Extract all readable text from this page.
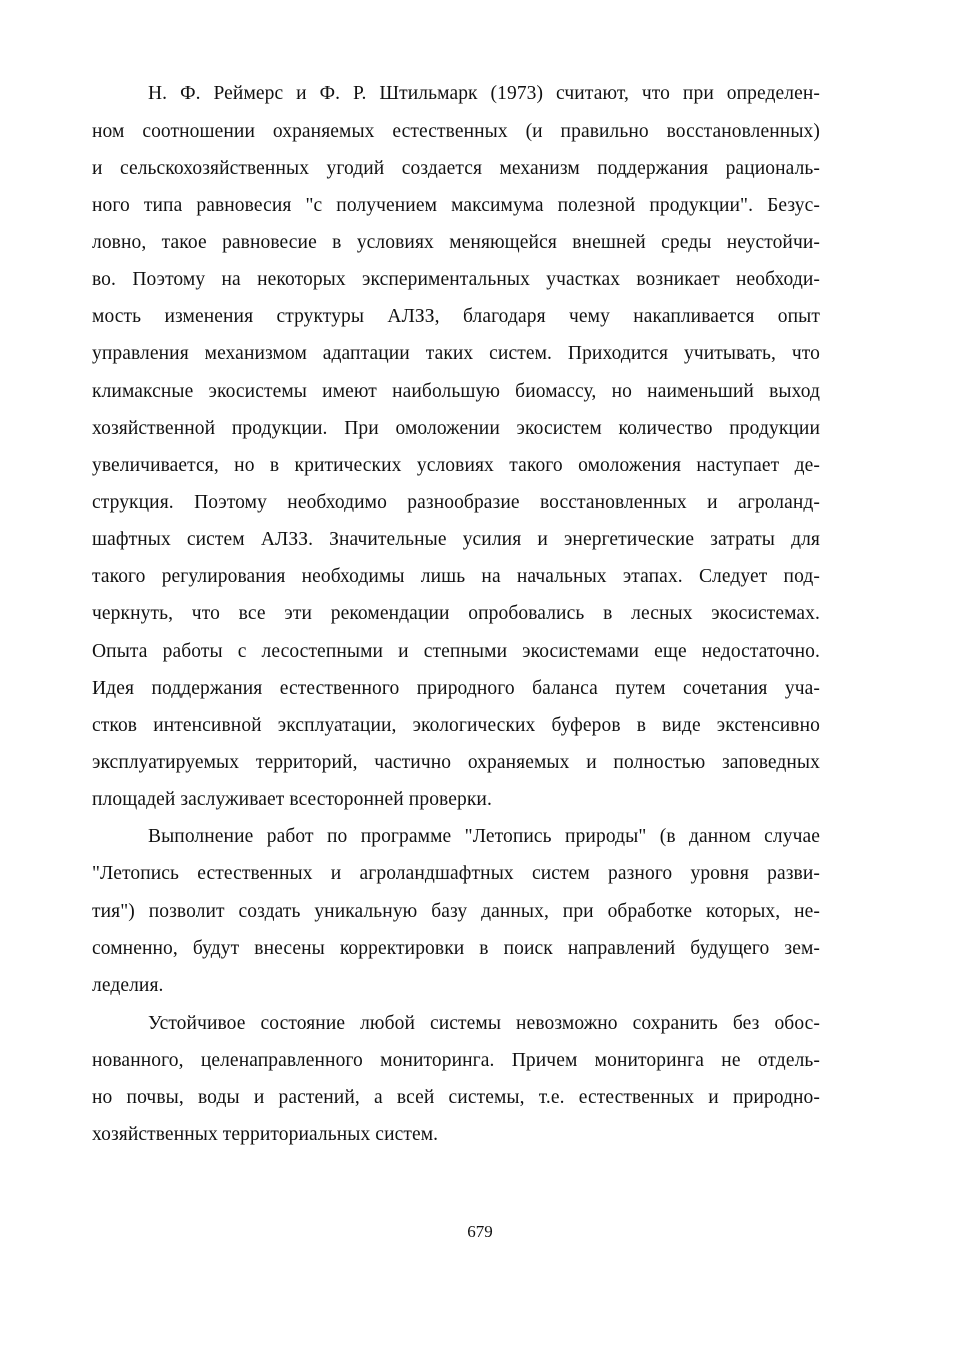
Н. Ф. Реймерс и Ф. Р. Штильмарк (1973) считают, что при определен-
ном соотношении охраняемых естественных (и правильно восстановленных)
и сельскохозяйственных угодий создается механизм поддержания рациональ-
ного типа равновесия "с получением максимума полезной продукции". Безус-
ловно, такое равновесие в условиях меняющейся внешней среды неустойчи-
во. Поэтому на некоторых экспериментальных участках возникает необходи-
мость изменения структуры АЛЗЗ, благодаря чему накапливается опыт
управления механизмом адаптации таких систем. Приходится учитывать, что
климаксные экосистемы имеют наибольшую биомассу, но наименьший выход
хозяйственной продукции. При омоложении экосистем количество продукции
увеличивается, но в критических условиях такого омоложения наступает де-
струкция. Поэтому необходимо разнообразие восстановленных и агроланд-
шафтных систем АЛЗЗ. Значительные усилия и энергетические затраты для
такого регулирования необходимы лишь на начальных этапах. Следует под-
черкнуть, что все эти рекомендации опробовались в лесных экосистемах.
Опыта работы с лесостепными и степными экосистемами еще недостаточно.
Идея поддержания естественного природного баланса путем сочетания уча-
стков интенсивной эксплуатации, экологических буферов в виде экстенсивно
эксплуатируемых территорий, частично охраняемых и полностью заповедных
площадей заслуживает всесторонней проверки.
Выполнение работ по программе "Летопись природы" (в данном случае
"Летопись естественных и агроландшафтных систем разного уровня разви-
тия") позволит создать уникальную базу данных, при обработке которых, не-
сомненно, будут внесены корректировки в поиск направлений будущего зем-
леделия.
Устойчивое состояние любой системы невозможно сохранить без обос-
нованного, целенаправленного мониторинга. Причем мониторинга не отдель-
но почвы, воды и растений, а всей системы, т.е. естественных и природно-
хозяйственных территориальных систем.
679
